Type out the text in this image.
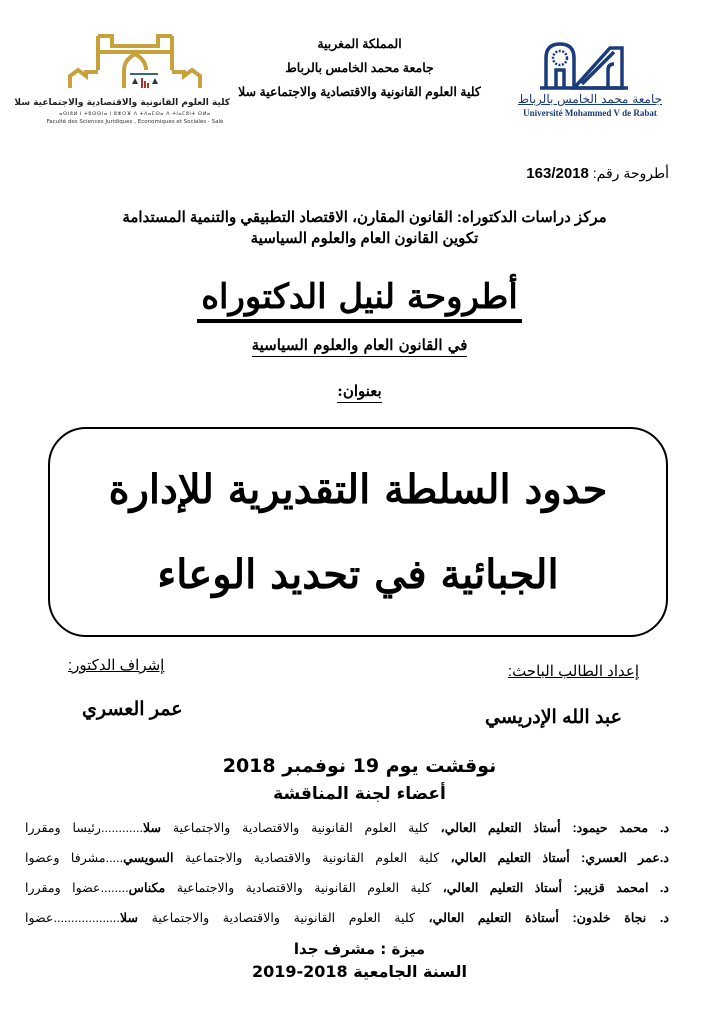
كلية العلوم القانونية والاقتصادية والاجتماعية سلا
ⴰⵙⵏⵓⵍ ⵏ ⵜⵓⵙⵙⵏⴰ ⵏ ⵓⵣⵔⴼ ⴷ ⵜⴷⴰⵎⵙⴰ ⴷ ⵜⵏⴰⵎⵓⵏⵜ ⵙⵍⴰ
Faculté des Sciences Juridiques , Economiques et Sociales - Salé
المملكة المغربية
جامعة محمد الخامس بالرباط
كلية العلوم القانونية والاقتصادية والاجتماعية سلا	جامعة محمد الخامس بالرباط
Université Mohammed V de Rabat
أطروحة رقم: 163/2018
مركز دراسات الدكتوراه: القانون المقارن، الاقتصاد التطبيقي والتنمية المستدامة
تكوين القانون العام والعلوم السياسية
أطروحة لنيل الدكتوراه
في القانون العام والعلوم السياسية
بعنوان:
حدود السلطة التقديرية للإدارة
الجبائية في تحديد الوعاء
إعداد الطالب الباحث:
عبد الله الإدريسي
إشراف الدكتور:
عمر العسري
نوقشت يوم 19 نوفمبر 2018
أعضاء لجنة المناقشة
د. محمد حيمود: أستاذ التعليم العالي، كلية العلوم القانونية والاقتصادية والاجتماعية سلا............رئيسا ومقررا
د.عمر العسري: أستاذ التعليم العالي، كلية العلوم القانونية والاقتصادية والاجتماعية السويسي.....مشرفا وعضوا
د. امحمد قزيبر: أستاذ التعليم العالي، كلية العلوم القانونية والاقتصادية والاجتماعية مكناس........عضوا ومقررا
د. نجاة خلدون: أستاذة التعليم العالي، كلية العلوم القانونية والاقتصادية والاجتماعية سلا...................عضوا
ميزة : مشرف جدا
السنة الجامعية 2018-2019
